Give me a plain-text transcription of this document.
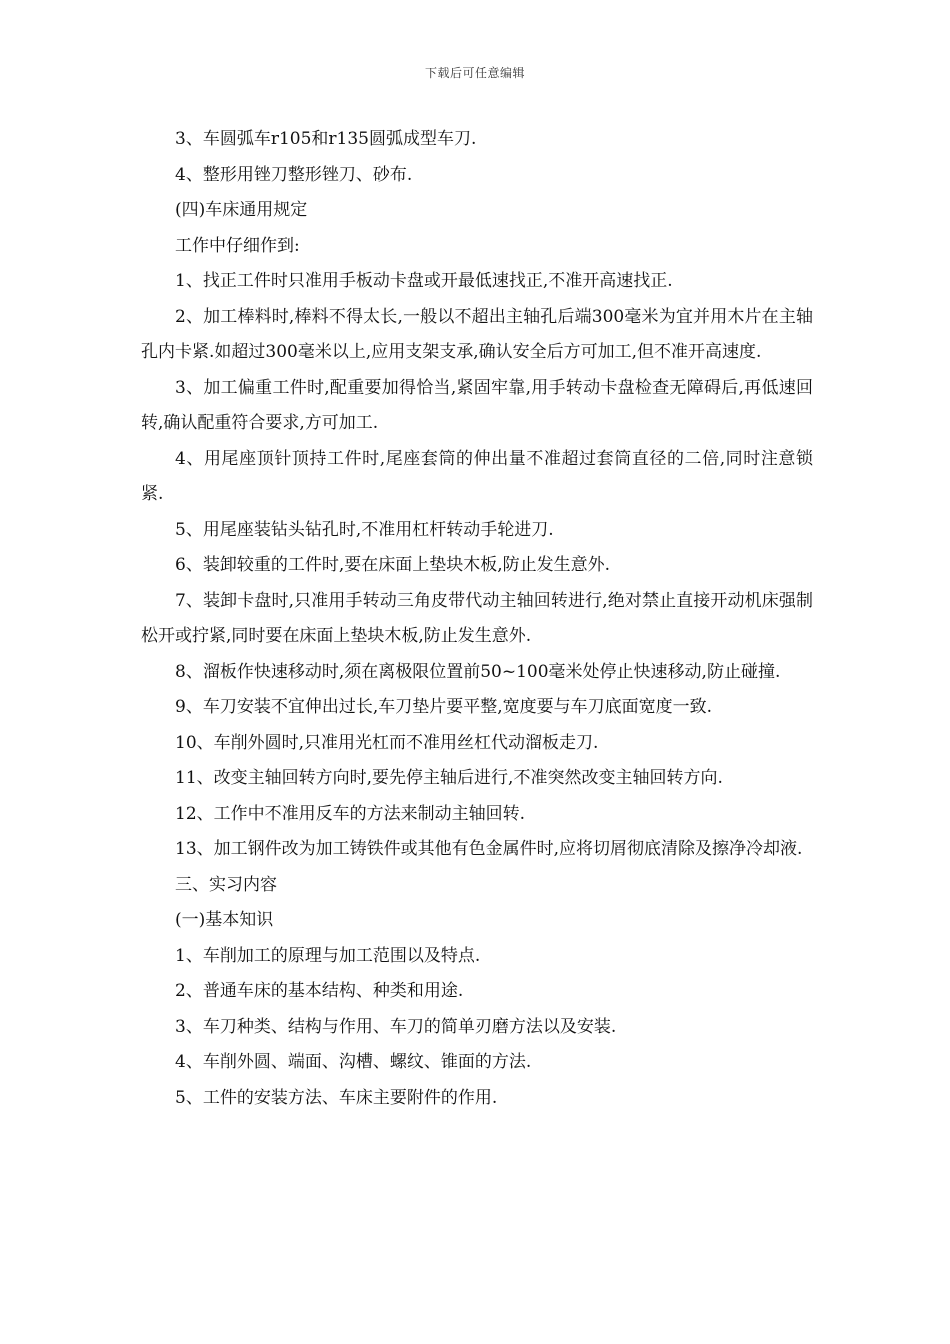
下载后可任意编辑

3、车圆弧车r105和r135圆弧成型车刀.

4、整形用锉刀整形锉刀、砂布.

(四)车床通用规定

工作中仔细作到:

1、找正工件时只准用手板动卡盘或开最低速找正,不准开高速找正.

2、加工棒料时,棒料不得太长,一般以不超出主轴孔后端300毫米为宜并用木片在主轴孔内卡紧.如超过300毫米以上,应用支架支承,确认安全后方可加工,但不准开高速度.

3、加工偏重工件时,配重要加得恰当,紧固牢靠,用手转动卡盘检查无障碍后,再低速回转,确认配重符合要求,方可加工.

4、用尾座顶针顶持工件时,尾座套筒的伸出量不准超过套筒直径的二倍,同时注意锁紧.

5、用尾座装钻头钻孔时,不准用杠杆转动手轮进刀.

6、装卸较重的工件时,要在床面上垫块木板,防止发生意外.

7、装卸卡盘时,只准用手转动三角皮带代动主轴回转进行,绝对禁止直接开动机床强制松开或拧紧,同时要在床面上垫块木板,防止发生意外.

8、溜板作快速移动时,须在离极限位置前50~100毫米处停止快速移动,防止碰撞.

9、车刀安装不宜伸出过长,车刀垫片要平整,宽度要与车刀底面宽度一致.

10、车削外圆时,只准用光杠而不准用丝杠代动溜板走刀.

11、改变主轴回转方向时,要先停主轴后进行,不准突然改变主轴回转方向.

12、工作中不准用反车的方法来制动主轴回转.

13、加工钢件改为加工铸铁件或其他有色金属件时,应将切屑彻底清除及擦净冷却液.

三、实习内容

(一)基本知识

1、车削加工的原理与加工范围以及特点.

2、普通车床的基本结构、种类和用途.

3、车刀种类、结构与作用、车刀的简单刃磨方法以及安装.

4、车削外圆、端面、沟槽、螺纹、锥面的方法.

5、工件的安装方法、车床主要附件的作用.
